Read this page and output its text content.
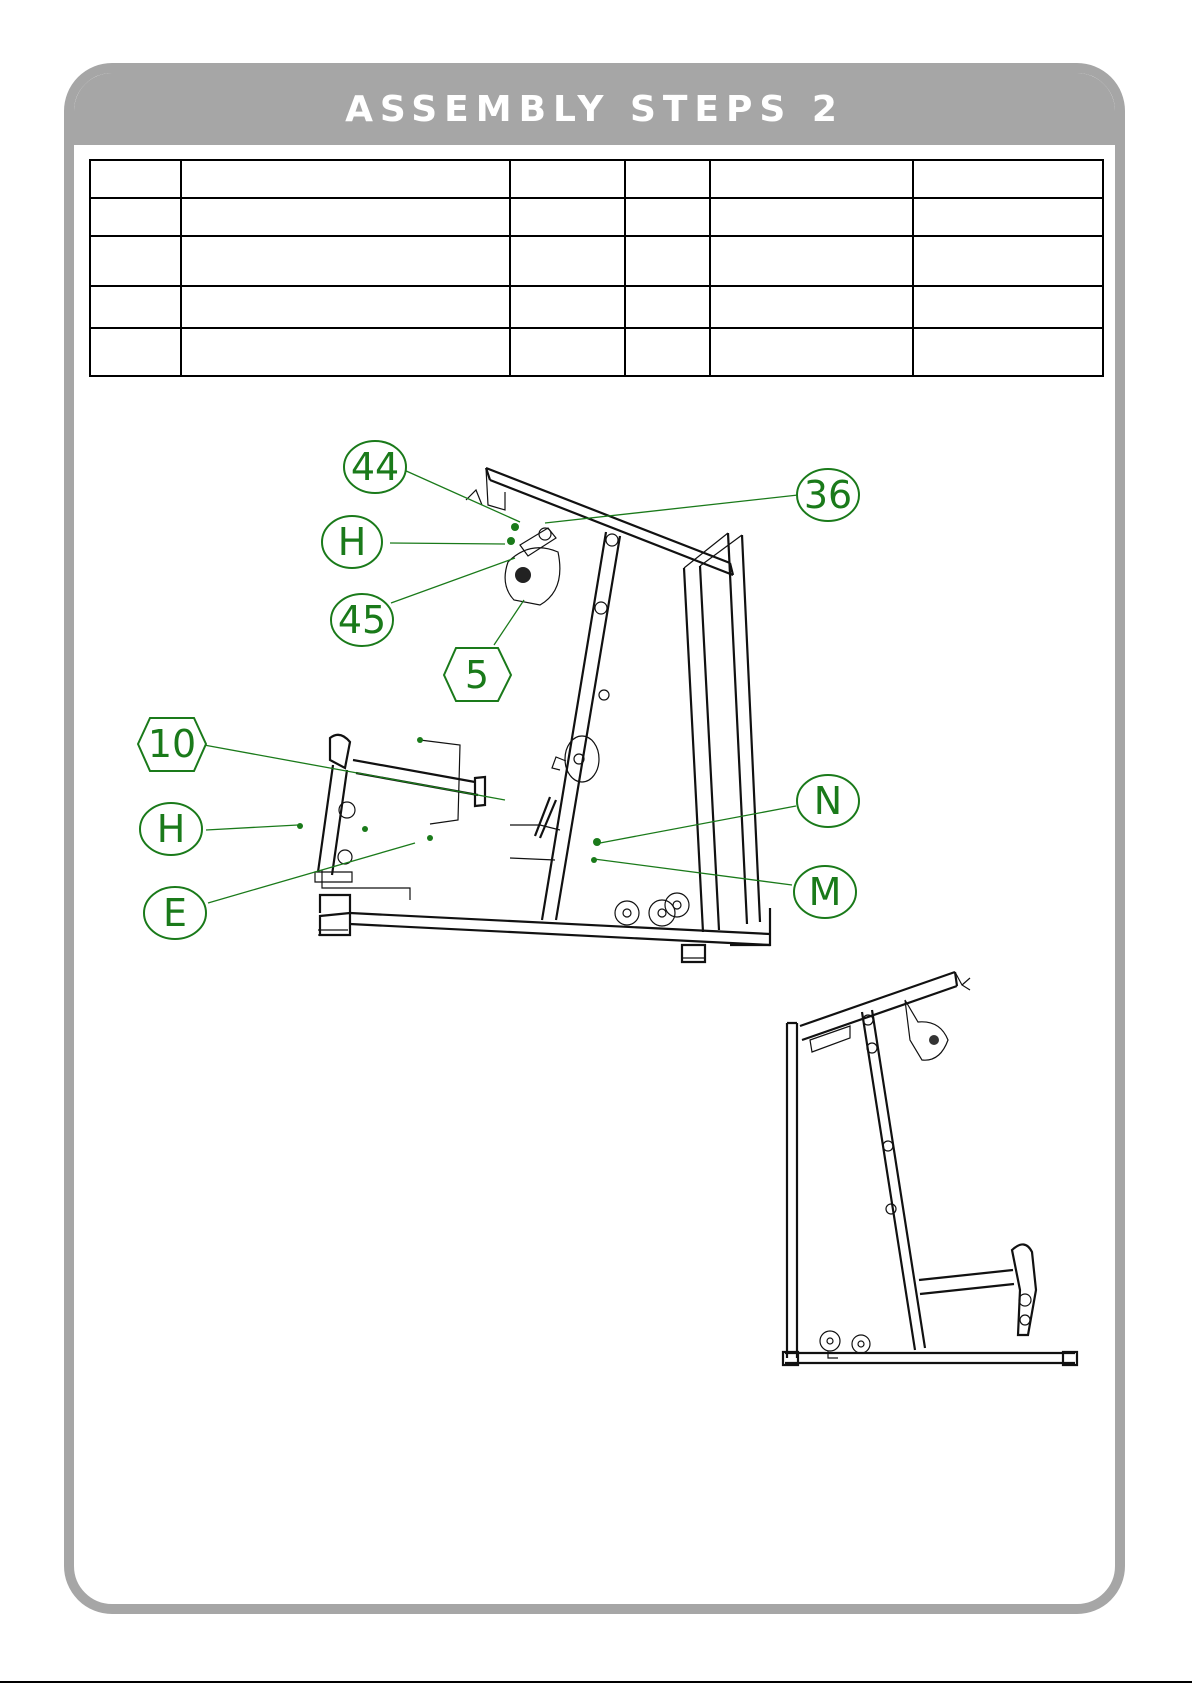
ASSEMBLY STEPS 2

44
36
H
45
5
10
H
N
E	M
